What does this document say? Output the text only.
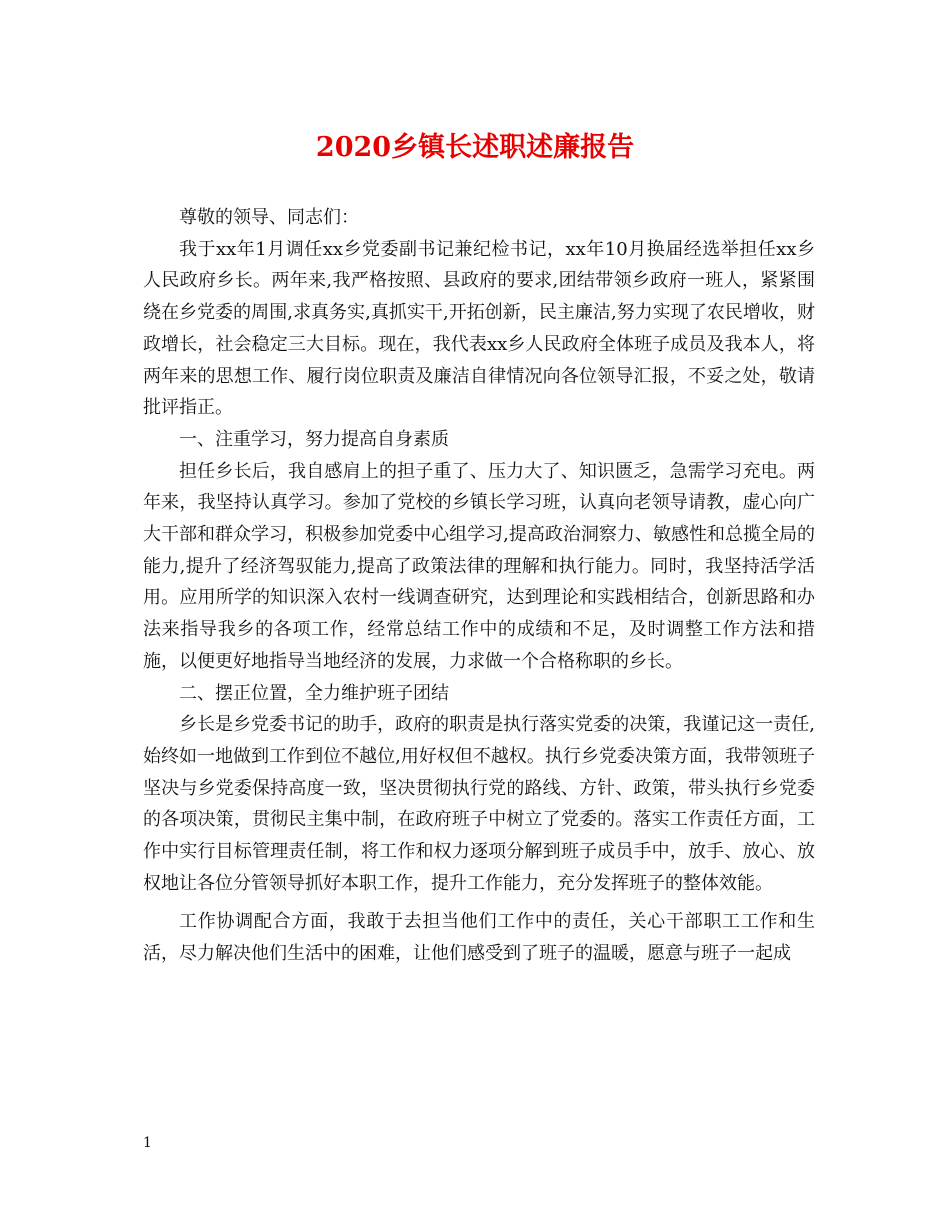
2020乡镇长述职述廉报告

尊敬的领导、同志们：

我于xx年1月调任xx乡党委副书记兼纪检书记，xx年10月换届经选举担任xx乡人民政府乡长。两年来,我严格按照、县政府的要求,团结带领乡政府一班人，紧紧围绕在乡党委的周围,求真务实,真抓实干,开拓创新，民主廉洁,努力实现了农民增收，财政增长，社会稳定三大目标。现在，我代表xx乡人民政府全体班子成员及我本人，将两年来的思想工作、履行岗位职责及廉洁自律情况向各位领导汇报，不妥之处，敬请批评指正。

一、注重学习，努力提高自身素质

担任乡长后，我自感肩上的担子重了、压力大了、知识匮乏，急需学习充电。两年来，我坚持认真学习。参加了党校的乡镇长学习班，认真向老领导请教，虚心向广大干部和群众学习，积极参加党委中心组学习,提高政治洞察力、敏感性和总揽全局的能力,提升了经济驾驭能力,提高了政策法律的理解和执行能力。同时，我坚持活学活用。应用所学的知识深入农村一线调查研究，达到理论和实践相结合，创新思路和办法来指导我乡的各项工作，经常总结工作中的成绩和不足，及时调整工作方法和措施，以便更好地指导当地经济的发展，力求做一个合格称职的乡长。

二、摆正位置，全力维护班子团结

乡长是乡党委书记的助手，政府的职责是执行落实党委的决策，我谨记这一责任,始终如一地做到工作到位不越位,用好权但不越权。执行乡党委决策方面，我带领班子坚决与乡党委保持高度一致，坚决贯彻执行党的路线、方针、政策，带头执行乡党委的各项决策，贯彻民主集中制，在政府班子中树立了党委的。落实工作责任方面，工作中实行目标管理责任制，将工作和权力逐项分解到班子成员手中，放手、放心、放权地让各位分管领导抓好本职工作，提升工作能力，充分发挥班子的整体效能。

工作协调配合方面，我敢于去担当他们工作中的责任，关心干部职工工作和生活，尽力解决他们生活中的困难，让他们感受到了班子的温暖，愿意与班子一起成

1
